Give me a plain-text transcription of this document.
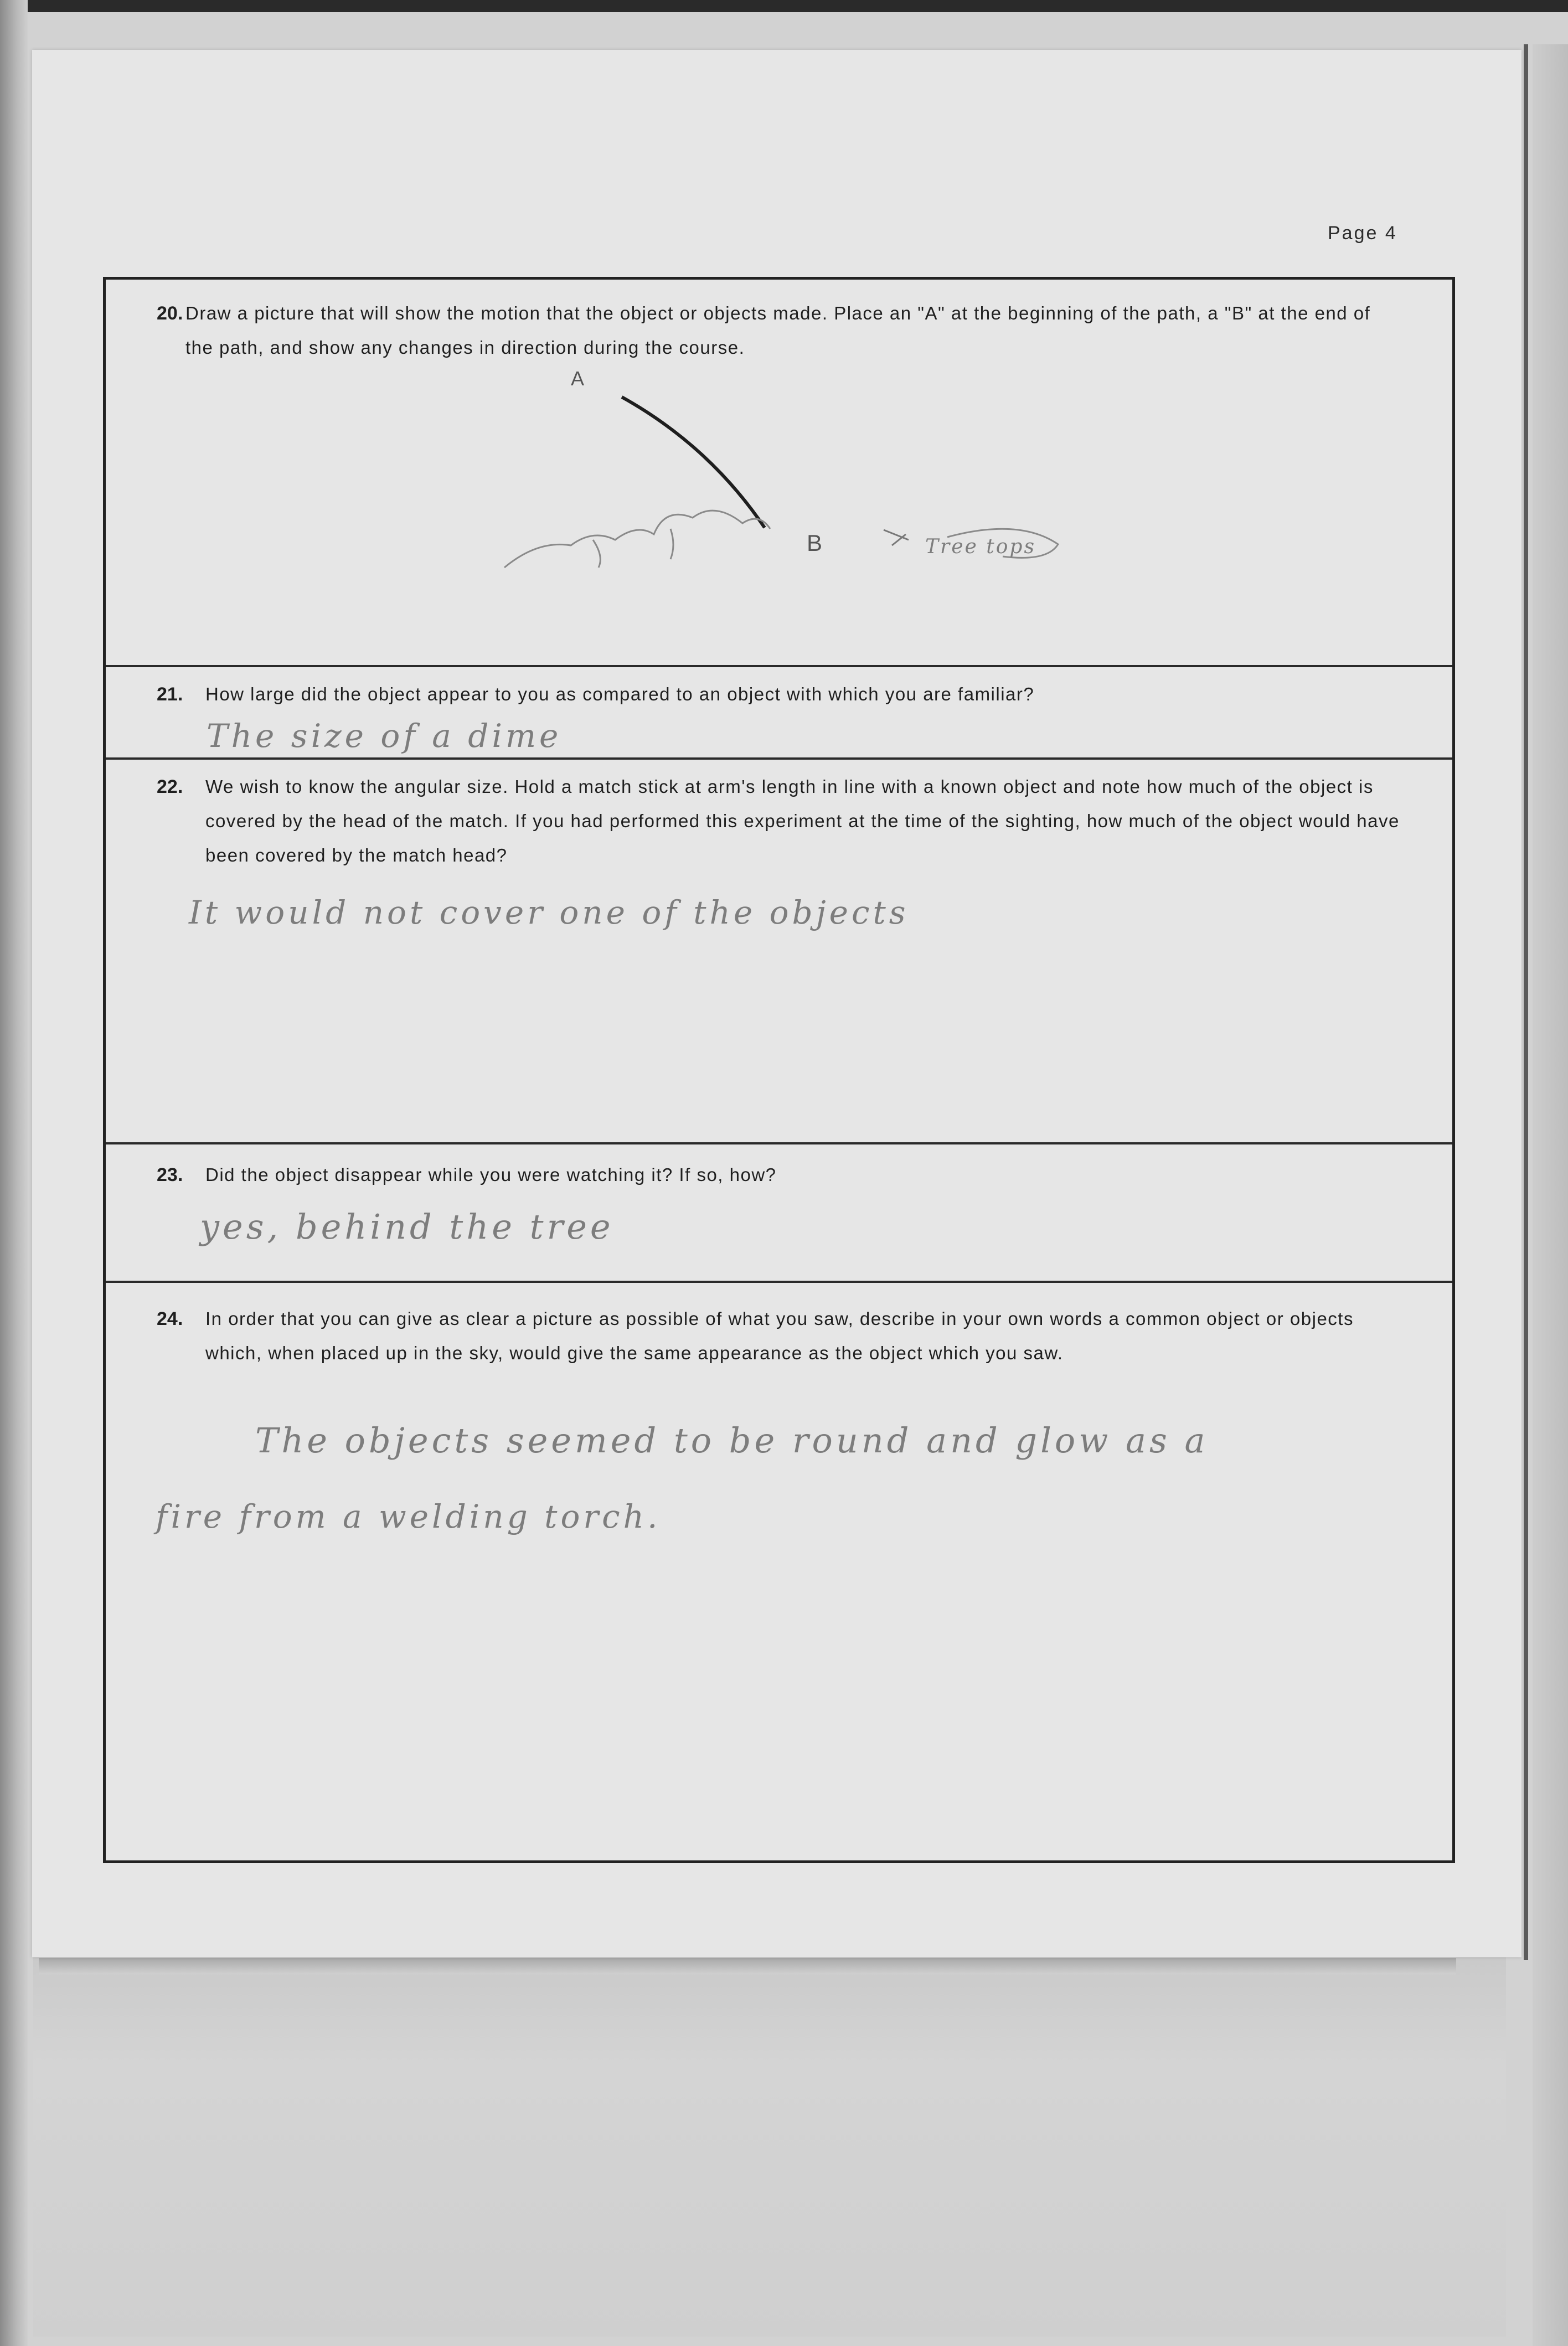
Page 4
20. Draw a picture that will show the motion that the object or objects made. Place an "A" at the beginning of the path, a "B" at the end of the path, and show any changes in direction during the course.
A
B	Tree tops
21. How large did the object appear to you as compared to an object with which you are familiar?
The size of a dime
22. We wish to know the angular size. Hold a match stick at arm's length in line with a known object and note how much of the object is covered by the head of the match. If you had performed this experiment at the time of the sighting, how much of the object would have been covered by the match head?
It would not cover one of the objects
23. Did the object disappear while you were watching it? If so, how?
yes, behind the tree
24. In order that you can give as clear a picture as possible of what you saw, describe in your own words a common object or objects which, when placed up in the sky, would give the same appearance as the object which you saw.
The objects seemed to be round and glow as a
fire from a welding torch.
